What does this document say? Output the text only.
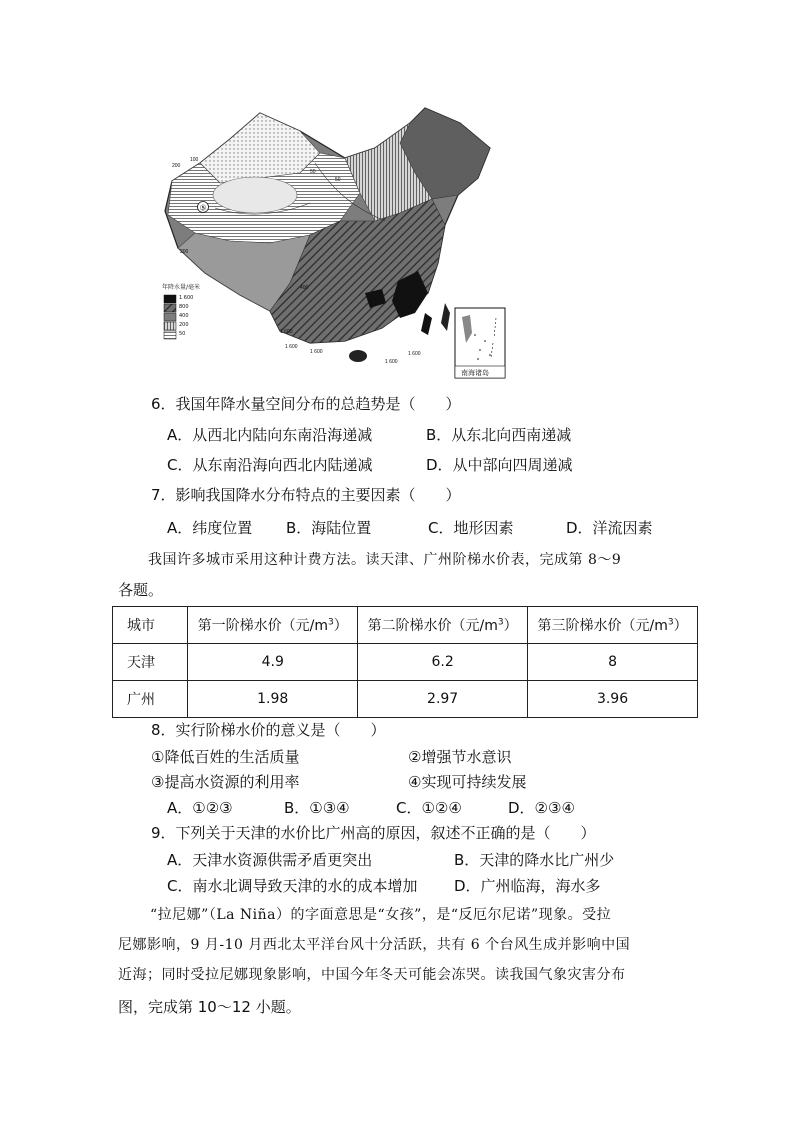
⑤
200
100
50
50
200
400
1 600
1 600
1 600
1 600
1 600
年降水量/毫米
1 600
800
400
200
50
南海诸岛
6．我国年降水量空间分布的总趋势是（　　）
A．从西北内陆向东南沿海递减	B．从东北向西南递减
C．从东南沿海向西北内陆递减	D．从中部向四周递减
7．影响我国降水分布特点的主要因素（　　）
A．纬度位置 B．海陆位置	C．地形因素	D．洋流因素
我国许多城市采用这种计费方法。读天津、广州阶梯水价表，完成第 8～9
各题。
城市	第一阶梯水价（元$/m^3$）	第二阶梯水价（元$/m^3$）	第三阶梯水价（元$/m^3$）
天津	4.9	6.2	8
广州	1.98	2.97	3.96
8．实行阶梯水价的意义是（　　）
①降低百姓的生活质量	②增强节水意识
③提高水资源的利用率	④实现可持续发展
A．①②③	B．①③④	C．①②④	D．②③④
9．下列关于天津的水价比广州高的原因，叙述不正确的是（　　）
A．天津水资源供需矛盾更突出	B．天津的降水比广州少
C．南水北调导致天津的水的成本增加 D．广州临海，海水多
“拉尼娜”（La Niña）的字面意思是“女孩”，是“反厄尔尼诺”现象。受拉
尼娜影响，9 月-10 月西北太平洋台风十分活跃，共有 6 个台风生成并影响中国
近海；同时受拉尼娜现象影响，中国今年冬天可能会冻哭。读我国气象灾害分布
图，完成第 10～12 小题。
